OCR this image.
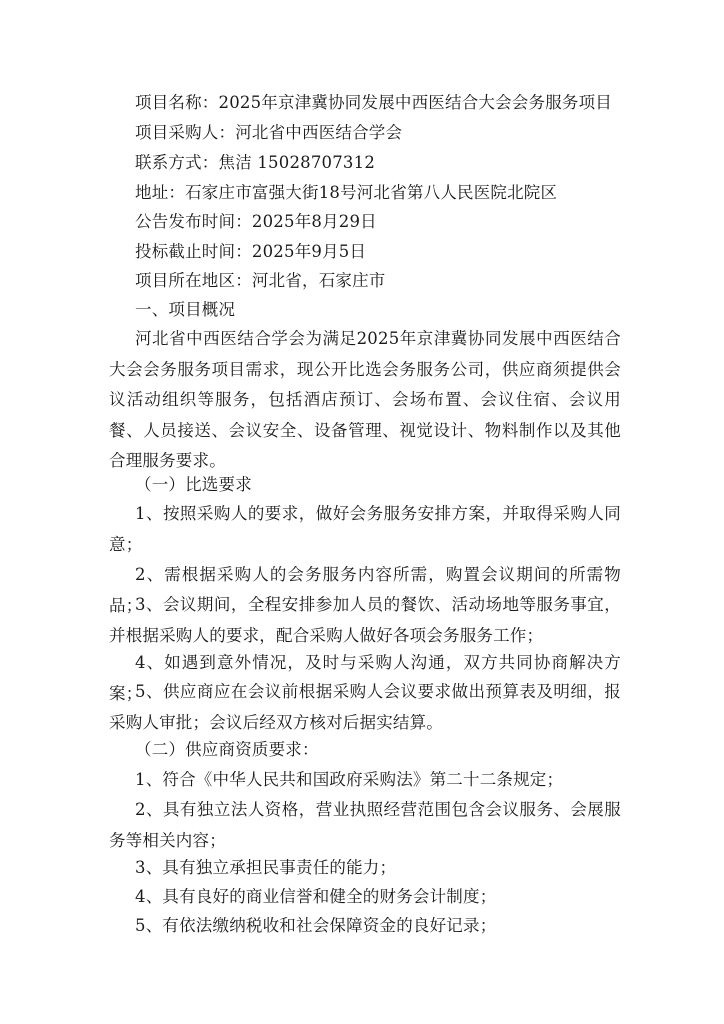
项目名称：2025年京津冀协同发展中西医结合大会会务服务项目
项目采购人：河北省中西医结合学会
联系方式：焦洁 15028707312
地址：石家庄市富强大街18号河北省第八人民医院北院区
公告发布时间：2025年8月29日
投标截止时间：2025年9月5日
项目所在地区：河北省，石家庄市
一、项目概况
河北省中西医结合学会为满足2025年京津冀协同发展中西医结合大会会务服务项目需求，现公开比选会务服务公司，供应商须提供会议活动组织等服务，包括酒店预订、会场布置、会议住宿、会议用餐、人员接送、会议安全、设备管理、视觉设计、物料制作以及其他合理服务要求。
（一）比选要求
1、按照采购人的要求，做好会务服务安排方案，并取得采购人同意；
2、需根据采购人的会务服务内容所需，购置会议期间的所需物品；
3、会议期间，全程安排参加人员的餐饮、活动场地等服务事宜，并根据采购人的要求，配合采购人做好各项会务服务工作；
4、如遇到意外情况，及时与采购人沟通，双方共同协商解决方案；
5、供应商应在会议前根据采购人会议要求做出预算表及明细，报采购人审批；会议后经双方核对后据实结算。
（二）供应商资质要求：
1、符合《中华人民共和国政府采购法》第二十二条规定；
2、具有独立法人资格，营业执照经营范围包含会议服务、会展服务等相关内容；
3、具有独立承担民事责任的能力；
4、具有良好的商业信誉和健全的财务会计制度；
5、有依法缴纳税收和社会保障资金的良好记录；
